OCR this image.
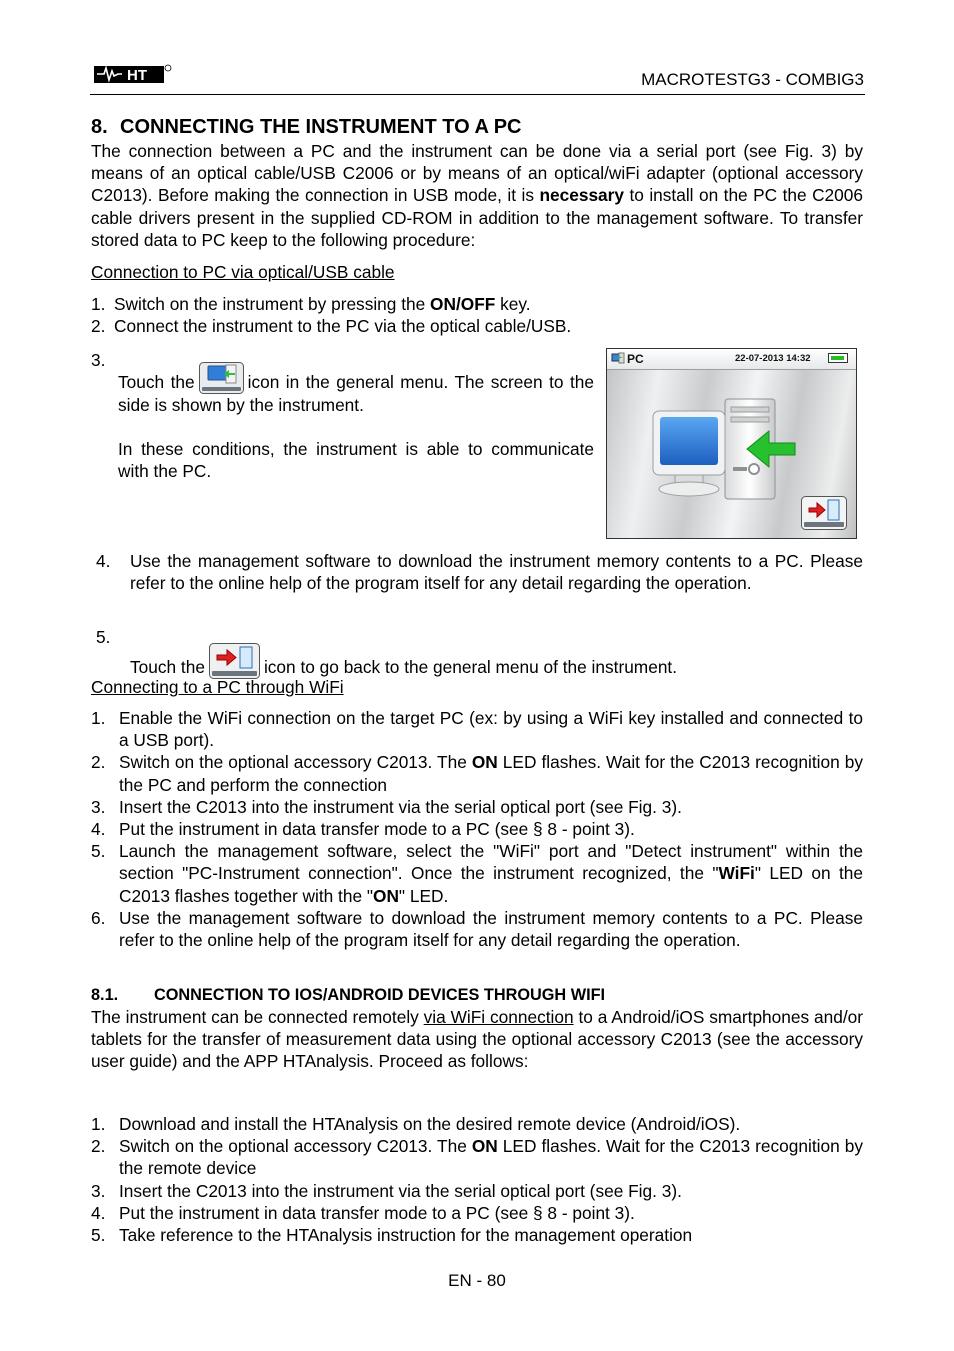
HT	MACROTESTG3 - COMBIG3
8. CONNECTING THE INSTRUMENT TO A PC
The connection between a PC and the instrument can be done via a serial port (see Fig. 3) by means of an optical cable/USB C2006 or by means of an optical/wiFi adapter (optional accessory C2013). Before making the connection in USB mode, it is necessary to install on the PC the C2006 cable drivers present in the supplied CD-ROM in addition to the management software. To transfer stored data to PC keep to the following procedure:
Connection to PC via optical/USB cable
1. Switch on the instrument by pressing the ON/OFF key.
2. Connect the instrument to the PC via the optical cable/USB.
3.
Touch the	icon in the general menu. The screen to the side is shown by the instrument.
In these conditions, the instrument is able to communicate with the PC.
PC	22-07-2013 14:32
4. Use the management software to download the instrument memory contents to a PC. Please refer to the online help of the program itself for any detail regarding the operation.
5.
Touch the	icon to go back to the general menu of the instrument.
Connecting to a PC through WiFi
1. Enable the WiFi connection on the target PC (ex: by using a WiFi key installed and connected to a USB port).
2. Switch on the optional accessory C2013. The ON LED flashes. Wait for the C2013 recognition by the PC and perform the connection
3. Insert the C2013 into the instrument via the serial optical port (see Fig. 3).
4. Put the instrument in data transfer mode to a PC (see § 8 - point 3).
5. Launch the management software, select the "WiFi" port and "Detect instrument" within the section "PC-Instrument connection". Once the instrument recognized, the "WiFi" LED on the C2013 flashes together with the "ON" LED.
6. Use the management software to download the instrument memory contents to a PC. Please refer to the online help of the program itself for any detail regarding the operation.
8.1. CONNECTION TO IOS/ANDROID DEVICES THROUGH WIFI
The instrument can be connected remotely via WiFi connection to a Android/iOS smartphones and/or tablets for the transfer of measurement data using the optional accessory C2013 (see the accessory user guide) and the APP HTAnalysis. Proceed as follows:
1. Download and install the HTAnalysis on the desired remote device (Android/iOS).
2. Switch on the optional accessory C2013. The ON LED flashes. Wait for the C2013 recognition by the remote device
3. Insert the C2013 into the instrument via the serial optical port (see Fig. 3).
4. Put the instrument in data transfer mode to a PC (see § 8 - point 3).
5. Take reference to the HTAnalysis instruction for the management operation
EN - 80
